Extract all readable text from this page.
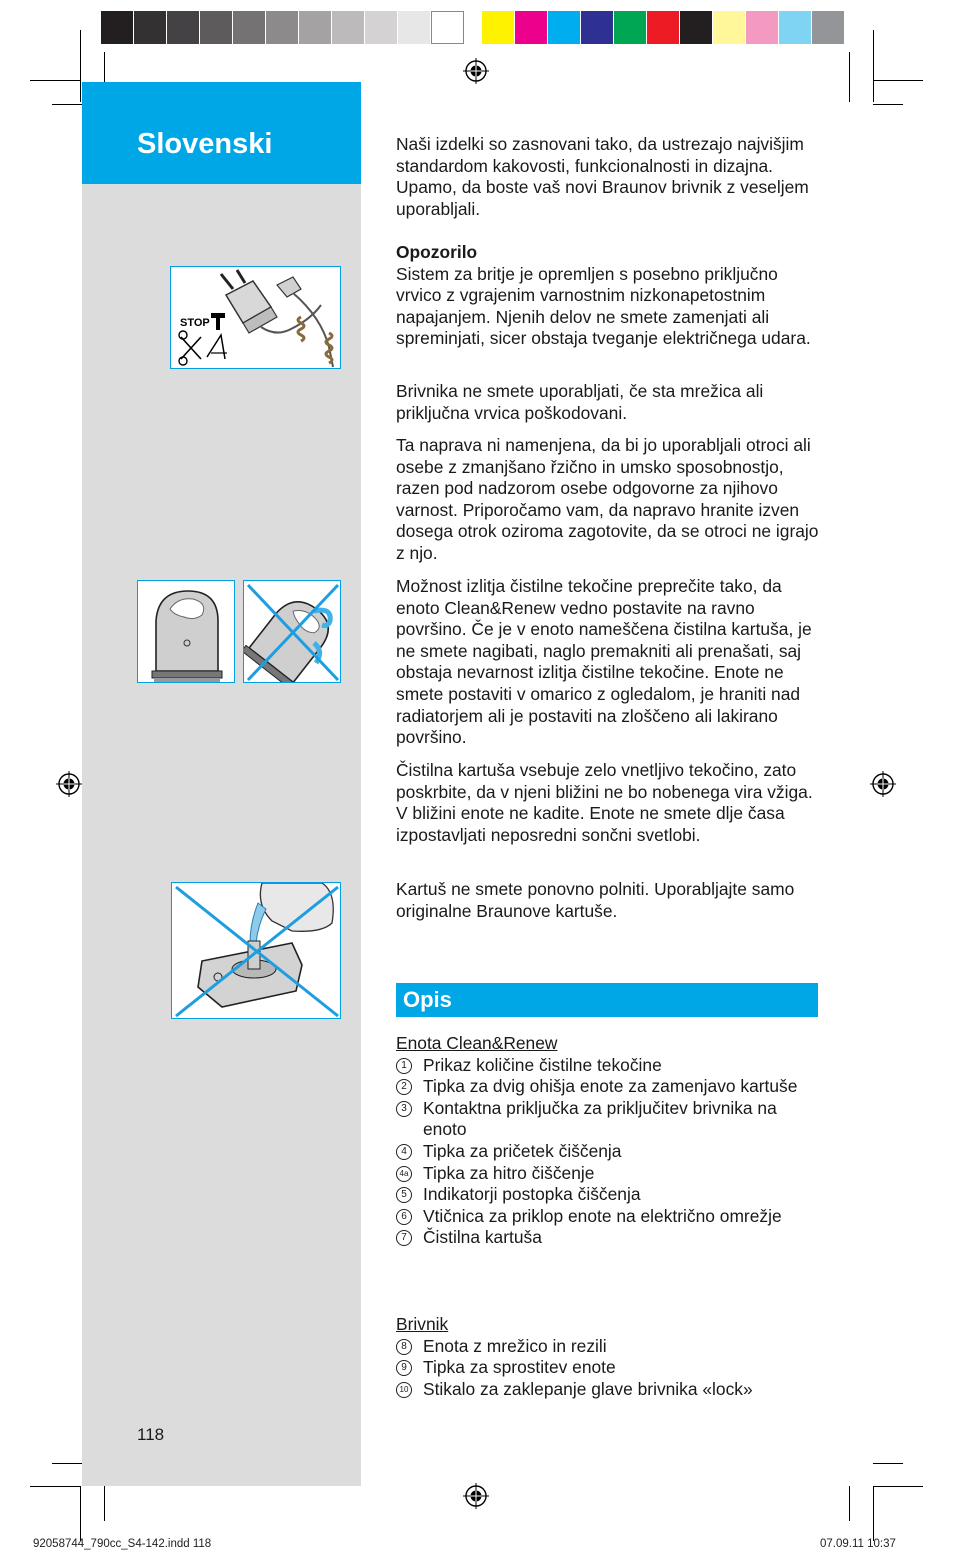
Slovenski
STOP
118

Naši izdelki so zasnovani tako, da ustrezajo najvišjim standardom kakovosti, funkcionalnosti in dizajna. Upamo, da boste vaš novi Braunov brivnik z veseljem uporabljali.

Opozorilo

Sistem za britje je opremljen s posebno priključno vrvico z vgrajenim varnostnim nizkonapetostnim napajanjem. Njenih delov ne smete zamenjati ali spreminjati, sicer obstaja tveganje električnega udara.

Brivnika ne smete uporabljati, če sta mrežica ali priključna vrvica poškodovani.

Ta naprava ni namenjena, da bi jo uporabljali otroci ali osebe z zmanjšano řzično in umsko sposobnostjo, razen pod nadzorom osebe odgovorne za njihovo varnost. Priporočamo vam, da napravo hranite izven dosega otrok oziroma zagotovite, da se otroci ne igrajo z njo.

Možnost izlitja čistilne tekočine preprečite tako, da enoto Clean&Renew vedno postavite na ravno površino. Če je v enoto nameščena čistilna kartuša, je ne smete nagibati, naglo premakniti ali prenašati, saj obstaja nevarnost izlitja čistilne tekočine. Enote ne smete postaviti v omarico z ogledalom, je hraniti nad radiatorjem ali je postaviti na zloščeno ali lakirano površino.

Čistilna kartuša vsebuje zelo vnetljivo tekočino, zato poskrbite, da v njeni bližini ne bo nobenega vira vžiga. V bližini enote ne kadite. Enote ne smete dlje časa izpostavljati neposredni sončni svetlobi.

Kartuš ne smete ponovno polniti. Uporabljajte samo originalne Braunove kartuše.

Opis

Enota Clean&Renew

1 Prikaz količine čistilne tekočine
2 Tipka za dvig ohišja enote za zamenjavo kartuše
3 Kontaktna priključka za priključitev brivnika na enoto
4 Tipka za pričetek čiščenja
4a Tipka za hitro čiščenje
5 Indikatorji postopka čiščenja
6 Vtičnica za priklop enote na električno omrežje
7 Čistilna kartuša

Brivnik

8 Enota z mrežico in rezili
9 Tipka za sprostitev enote
10 Stikalo za zaklepanje glave brivnika «lock»
92058744_790cc_S4-142.indd 118	07.09.11 10:37
